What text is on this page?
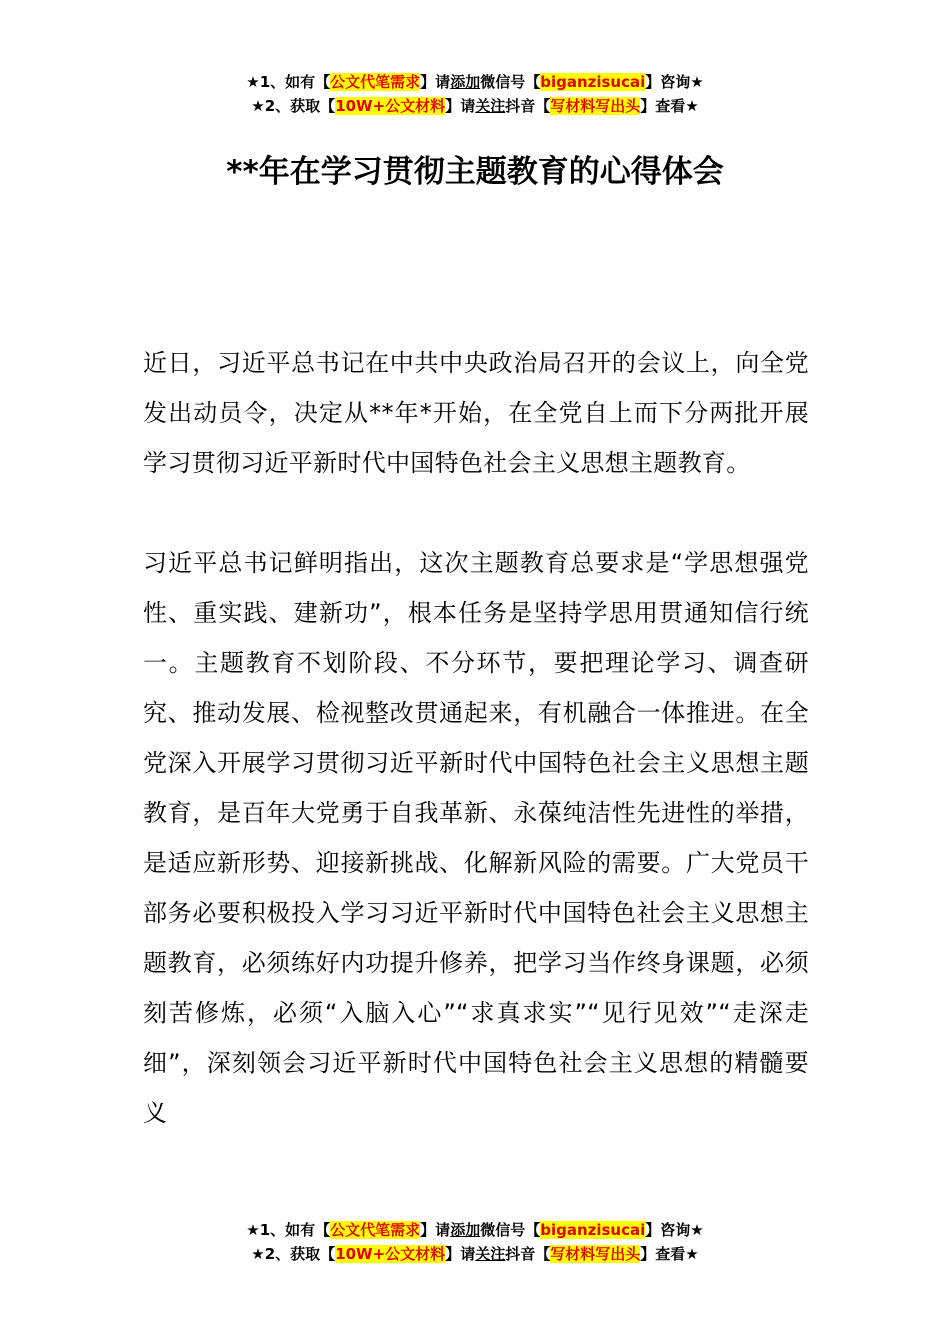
★1、如有【公文代笔需求】请添加微信号【biganzisucai】咨询★
★2、获取【10W+公文材料】请关注抖音【写材料写出头】查看★
**年在学习贯彻主题教育的心得体会

近日，习近平总书记在中共中央政治局召开的会议上，向全党发出动员令，决定从**年*开始，在全党自上而下分两批开展学习贯彻习近平新时代中国特色社会主义思想主题教育。

习近平总书记鲜明指出，这次主题教育总要求是“学思想强党性、重实践、建新功”，根本任务是坚持学思用贯通知信行统一。主题教育不划阶段、不分环节，要把理论学习、调查研究、推动发展、检视整改贯通起来，有机融合一体推进。在全党深入开展学习贯彻习近平新时代中国特色社会主义思想主题教育，是百年大党勇于自我革新、永葆纯洁性先进性的举措，是适应新形势、迎接新挑战、化解新风险的需要。广大党员干部务必要积极投入学习习近平新时代中国特色社会主义思想主题教育，必须练好内功提升修养，把学习当作终身课题，必须刻苦修炼，必须“入脑入心”“求真求实”“见行见效”“走深走细”，深刻领会习近平新时代中国特色社会主义思想的精髓要义

★1、如有【公文代笔需求】请添加微信号【biganzisucai】咨询★
★2、获取【10W+公文材料】请关注抖音【写材料写出头】查看★
